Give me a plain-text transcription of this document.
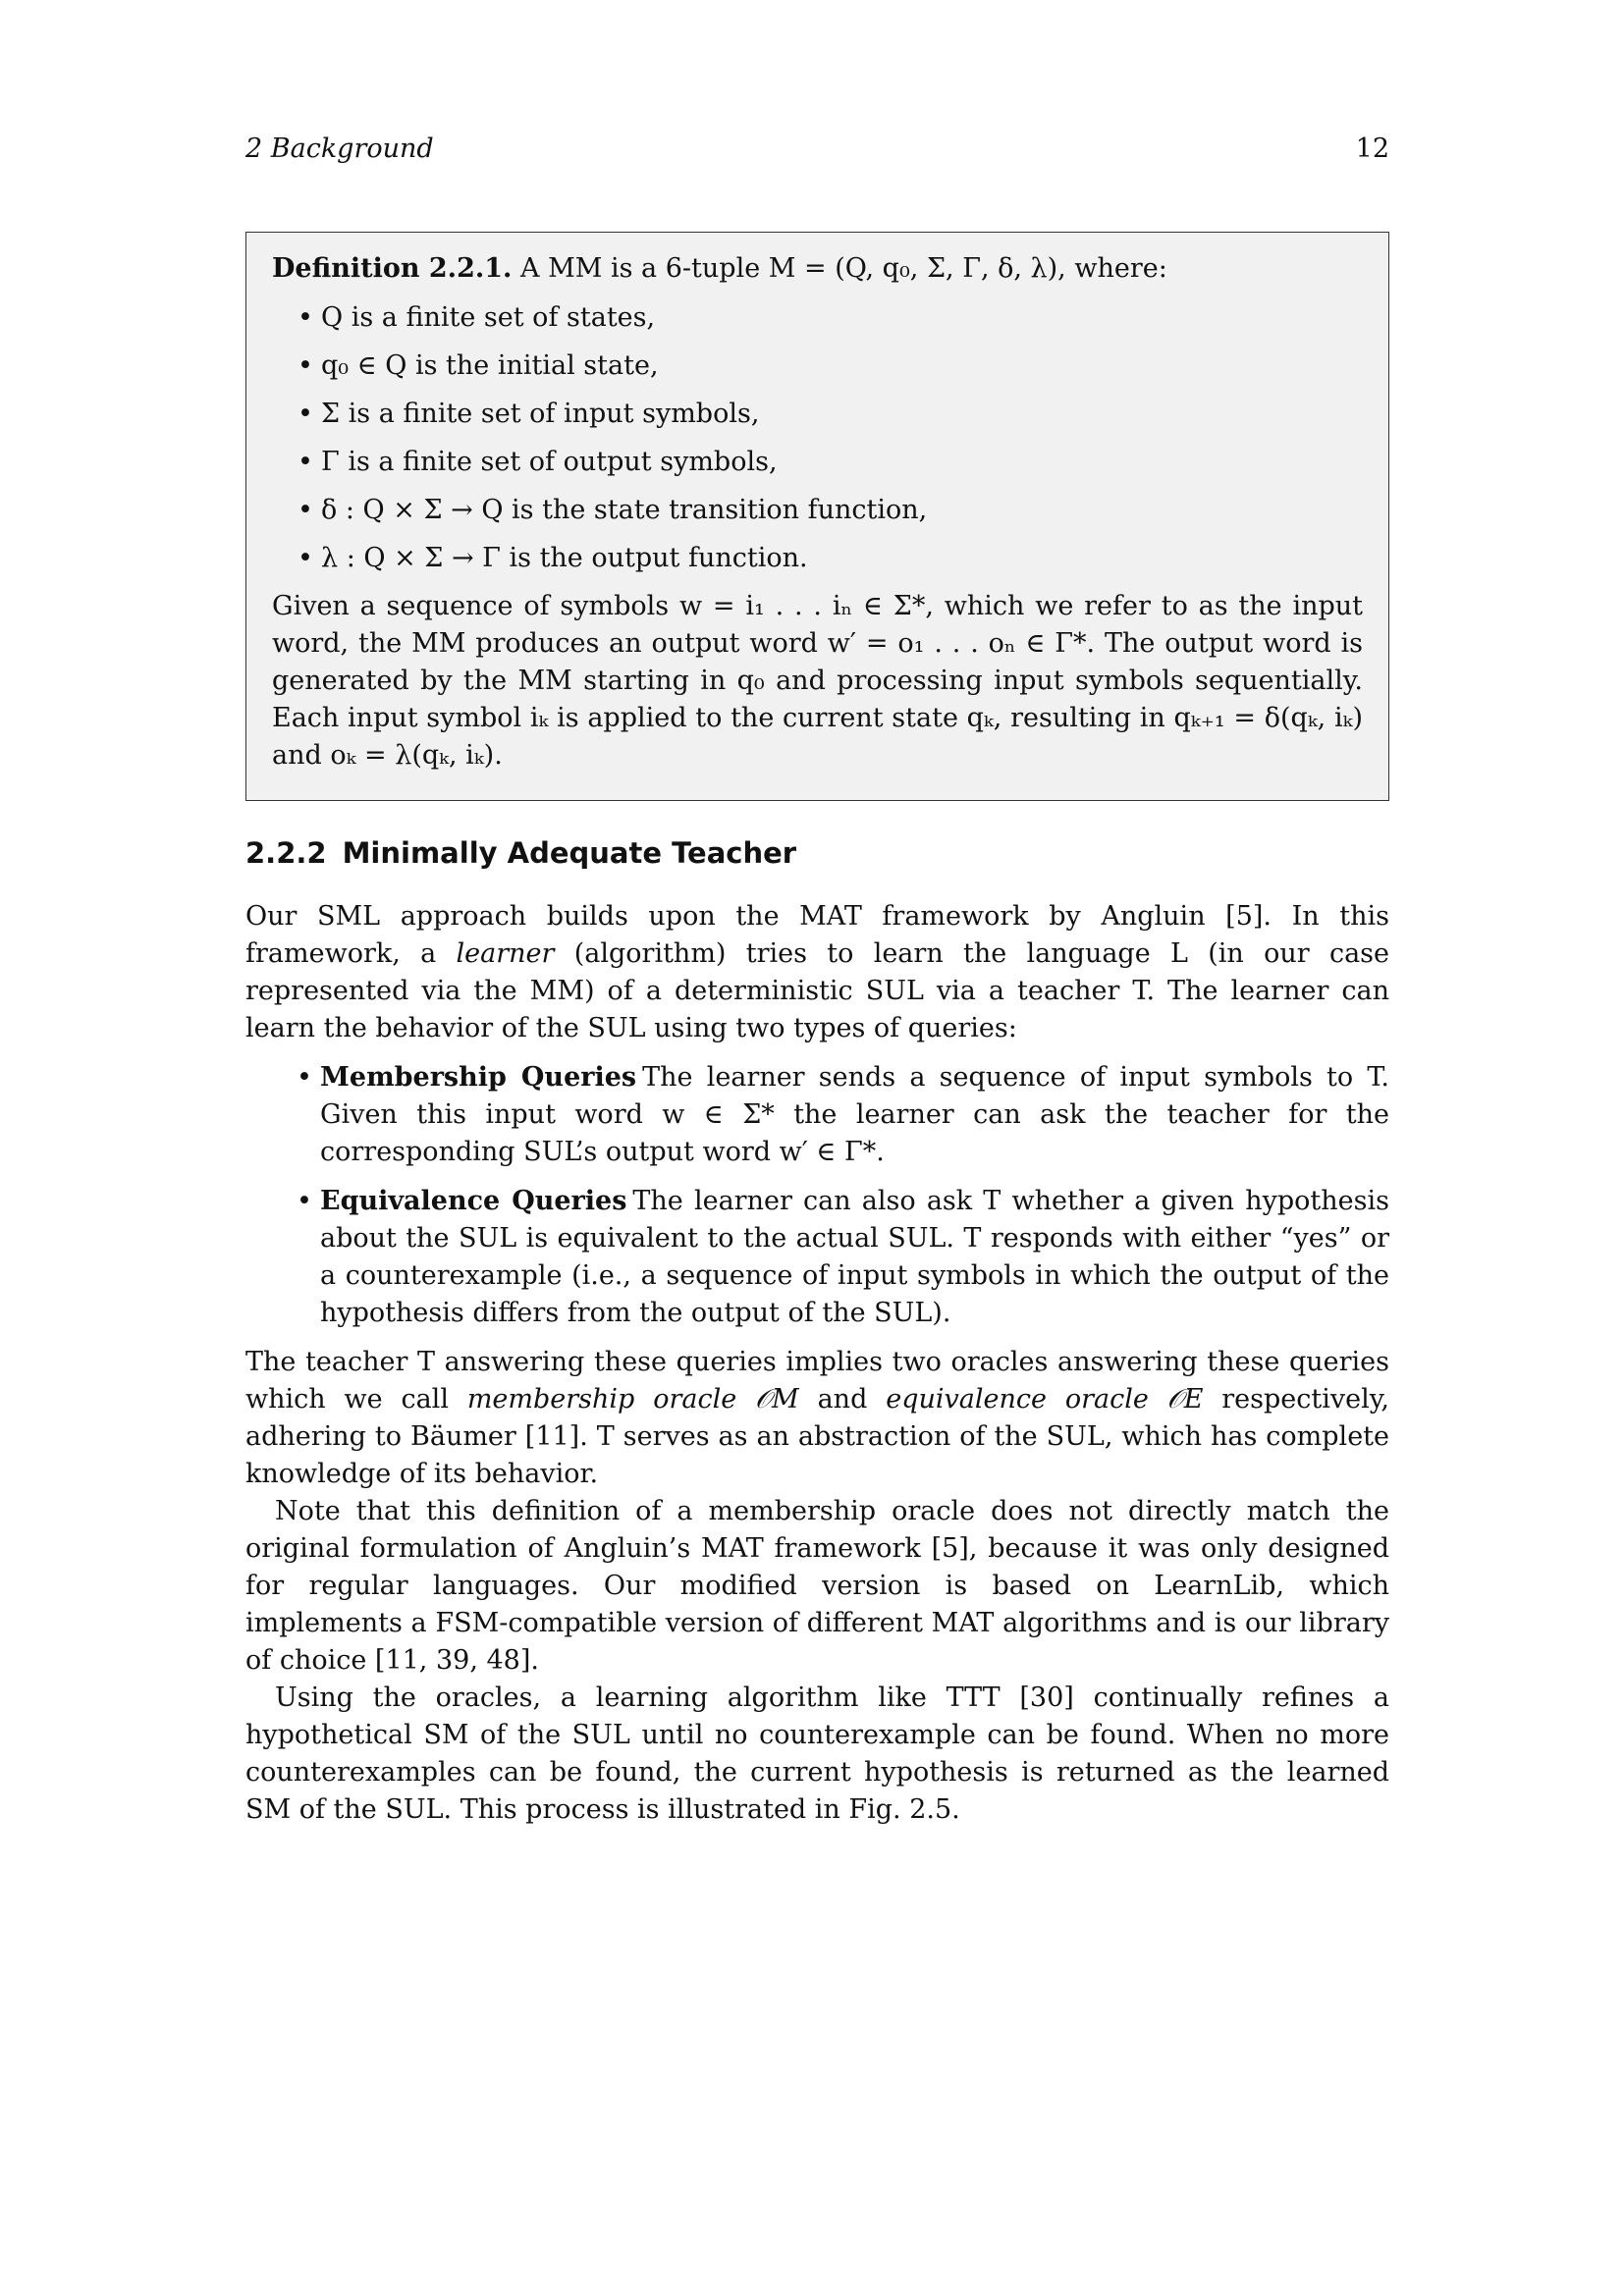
2 Background	12

Definition 2.2.1. A MM is a 6-tuple M = (Q, q₀, Σ, Γ, δ, λ), where:

• Q is a finite set of states,
• q₀ ∈ Q is the initial state,
• Σ is a finite set of input symbols,
• Γ is a finite set of output symbols,
• δ : Q × Σ → Q is the state transition function,
• λ : Q × Σ → Γ is the output function.

Given a sequence of symbols w = i₁ . . . iₙ ∈ Σ*, which we refer to as the input word, the MM produces an output word w′ = o₁ . . . oₙ ∈ Γ*. The output word is generated by the MM starting in q₀ and processing input symbols sequentially. Each input symbol iₖ is applied to the current state qₖ, resulting in qₖ₊₁ = δ(qₖ, iₖ) and oₖ = λ(qₖ, iₖ).

2.2.2 Minimally Adequate Teacher

Our SML approach builds upon the MAT framework by Angluin [5]. In this framework, a learner (algorithm) tries to learn the language L (in our case represented via the MM) of a deterministic SUL via a teacher T. The learner can learn the behavior of the SUL using two types of queries:

• Membership Queries The learner sends a sequence of input symbols to T. Given this input word w ∈ Σ* the learner can ask the teacher for the corresponding SUL’s output word w′ ∈ Γ*.
• Equivalence Queries The learner can also ask T whether a given hypothesis about the SUL is equivalent to the actual SUL. T responds with either “yes” or a counterexample (i.e., a sequence of input symbols in which the output of the hypothesis differs from the output of the SUL).

The teacher T answering these queries implies two oracles answering these queries which we call membership oracle 𝒪M and equivalence oracle 𝒪E respectively, adhering to Bäumer [11]. T serves as an abstraction of the SUL, which has complete knowledge of its behavior.

Note that this definition of a membership oracle does not directly match the original formulation of Angluin’s MAT framework [5], because it was only designed for regular languages. Our modified version is based on LearnLib, which implements a FSM-compatible version of different MAT algorithms and is our library of choice [11, 39, 48].

Using the oracles, a learning algorithm like TTT [30] continually refines a hypothetical SM of the SUL until no counterexample can be found. When no more counterexamples can be found, the current hypothesis is returned as the learned SM of the SUL. This process is illustrated in Fig. 2.5.
